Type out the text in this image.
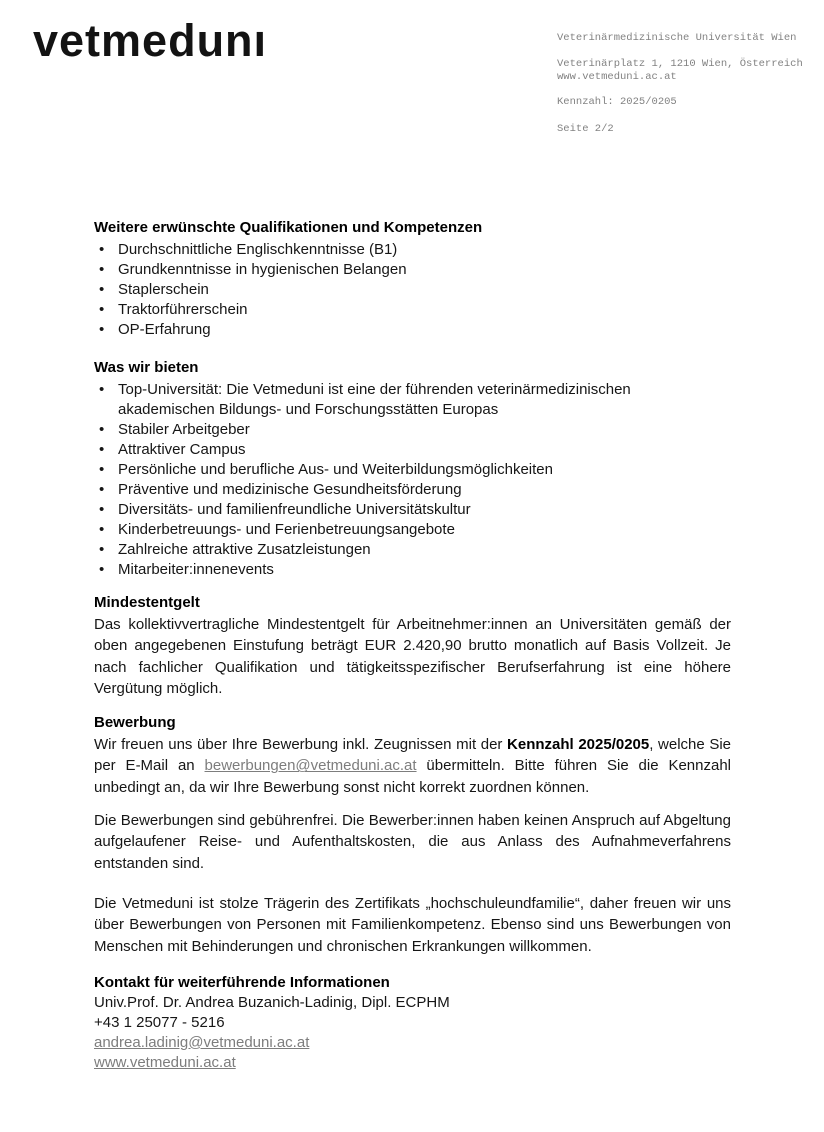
vetmedunı	Veterinärmedizinische Universität Wien
Veterinärplatz 1, 1210 Wien, Österreich
www.vetmeduni.ac.at
Kennzahl: 2025/0205
Seite 2/2
Weitere erwünschte Qualifikationen und Kompetenzen
• Durchschnittliche Englischkenntnisse (B1)
• Grundkenntnisse in hygienischen Belangen
• Staplerschein
• Traktorführerschein
• OP-Erfahrung
Was wir bieten
• Top-Universität: Die Vetmeduni ist eine der führenden veterinärmedizinischen akademischen Bildungs- und Forschungsstätten Europas
• Stabiler Arbeitgeber
• Attraktiver Campus
• Persönliche und berufliche Aus- und Weiterbildungsmöglichkeiten
• Präventive und medizinische Gesundheitsförderung
• Diversitäts- und familienfreundliche Universitätskultur
• Kinderbetreuungs- und Ferienbetreuungsangebote
• Zahlreiche attraktive Zusatzleistungen
• Mitarbeiter:innenevents
Mindestentgelt

Das kollektivvertragliche Mindestentgelt für Arbeitnehmer:innen an Universitäten gemäß der oben angegebenen Einstufung beträgt EUR 2.420,90 brutto monatlich auf Basis Vollzeit. Je nach fachlicher Qualifikation und tätigkeitsspezifischer Berufserfahrung ist eine höhere Vergütung möglich.

Bewerbung

Wir freuen uns über Ihre Bewerbung inkl. Zeugnissen mit der Kennzahl 2025/0205, welche Sie per E-Mail an bewerbungen@vetmeduni.ac.at übermitteln. Bitte führen Sie die Kennzahl unbedingt an, da wir Ihre Bewerbung sonst nicht korrekt zuordnen können.

Die Bewerbungen sind gebührenfrei. Die Bewerber:innen haben keinen Anspruch auf Abgeltung aufgelaufener Reise- und Aufenthaltskosten, die aus Anlass des Aufnahmeverfahrens entstanden sind.

Die Vetmeduni ist stolze Trägerin des Zertifikats „hochschuleundfamilie“, daher freuen wir uns über Bewerbungen von Personen mit Familienkompetenz. Ebenso sind uns Bewerbungen von Menschen mit Behinderungen und chronischen Erkrankungen willkommen.

Kontakt für weiterführende Informationen
Univ.Prof. Dr. Andrea Buzanich-Ladinig, Dipl. ECPHM
+43 1 25077 - 5216
andrea.ladinig@vetmeduni.ac.at
www.vetmeduni.ac.at
